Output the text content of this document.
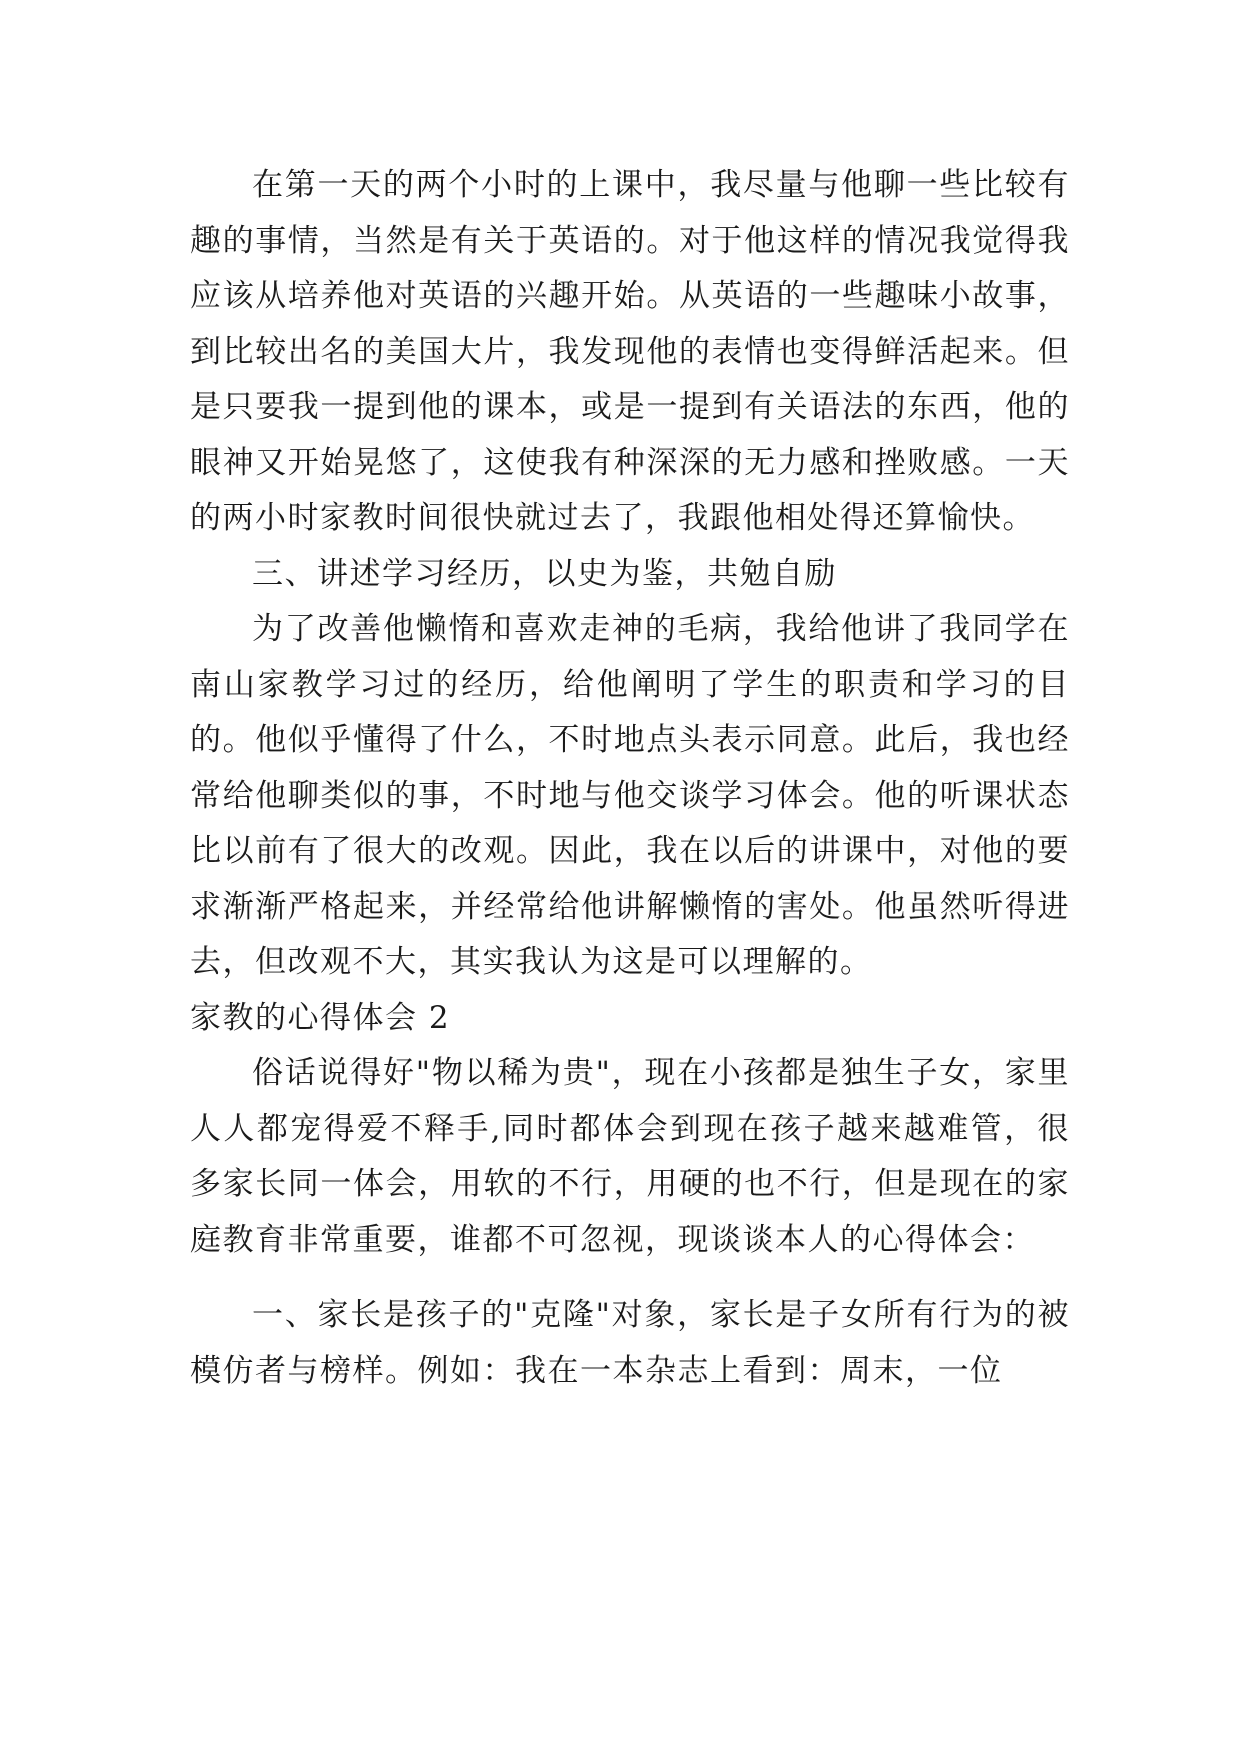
在第一天的两个小时的上课中，我尽量与他聊一些比较有趣的事情，当然是有关于英语的。对于他这样的情况我觉得我应该从培养他对英语的兴趣开始。从英语的一些趣味小故事，到比较出名的美国大片，我发现他的表情也变得鲜活起来。但是只要我一提到他的课本，或是一提到有关语法的东西，他的眼神又开始晃悠了，这使我有种深深的无力感和挫败感。一天的两小时家教时间很快就过去了，我跟他相处得还算愉快。

三、讲述学习经历，以史为鉴，共勉自励

为了改善他懒惰和喜欢走神的毛病，我给他讲了我同学在南山家教学习过的经历，给他阐明了学生的职责和学习的目的。他似乎懂得了什么，不时地点头表示同意。此后，我也经常给他聊类似的事，不时地与他交谈学习体会。他的听课状态比以前有了很大的改观。因此，我在以后的讲课中，对他的要求渐渐严格起来，并经常给他讲解懒惰的害处。他虽然听得进去，但改观不大，其实我认为这是可以理解的。

家教的心得体会 2

俗话说得好"物以稀为贵"，现在小孩都是独生子女，家里人人都宠得爱不释手,同时都体会到现在孩子越来越难管，很多家长同一体会，用软的不行，用硬的也不行，但是现在的家庭教育非常重要，谁都不可忽视，现谈谈本人的心得体会：

一、家长是孩子的"克隆"对象，家长是子女所有行为的被模仿者与榜样。例如：我在一本杂志上看到：周末，一位
